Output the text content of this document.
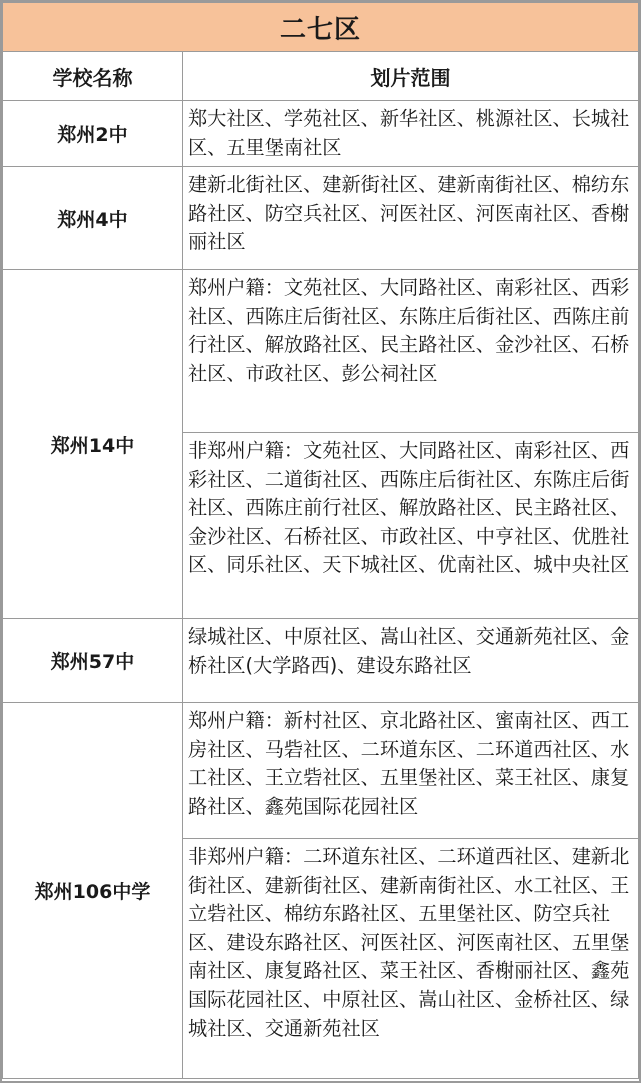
二七区	
学校名称	划片范围
郑州2中	郑大社区、学苑社区、新华社区、桃源社区、长城社区、五里堡南社区
郑州4中	建新北街社区、建新街社区、建新南街社区、棉纺东路社区、防空兵社区、河医社区、河医南社区、香榭丽社区
郑州14中	郑州户籍：文苑社区、大同路社区、南彩社区、西彩社区、西陈庄后街社区、东陈庄后街社区、西陈庄前行社区、解放路社区、民主路社区、金沙社区、石桥社区、市政社区、彭公祠社区
	非郑州户籍：文苑社区、大同路社区、南彩社区、西彩社区、二道街社区、西陈庄后街社区、东陈庄后街社区、西陈庄前行社区、解放路社区、民主路社区、金沙社区、石桥社区、市政社区、中亨社区、优胜社区、同乐社区、天下城社区、优南社区、城中央社区
郑州57中	绿城社区、中原社区、嵩山社区、交通新苑社区、金桥社区(大学路西)、建设东路社区
郑州106中学	郑州户籍：新村社区、京北路社区、蜜南社区、西工房社区、马砦社区、二环道东区、二环道西社区、水工社区、王立砦社区、五里堡社区、菜王社区、康复路社区、鑫苑国际花园社区
	非郑州户籍：二环道东社区、二环道西社区、建新北街社区、建新街社区、建新南街社区、水工社区、王立砦社区、棉纺东路社区、五里堡社区、防空兵社区、建设东路社区、河医社区、河医南社区、五里堡南社区、康复路社区、菜王社区、香榭丽社区、鑫苑国际花园社区、中原社区、嵩山社区、金桥社区、绿城社区、交通新苑社区
